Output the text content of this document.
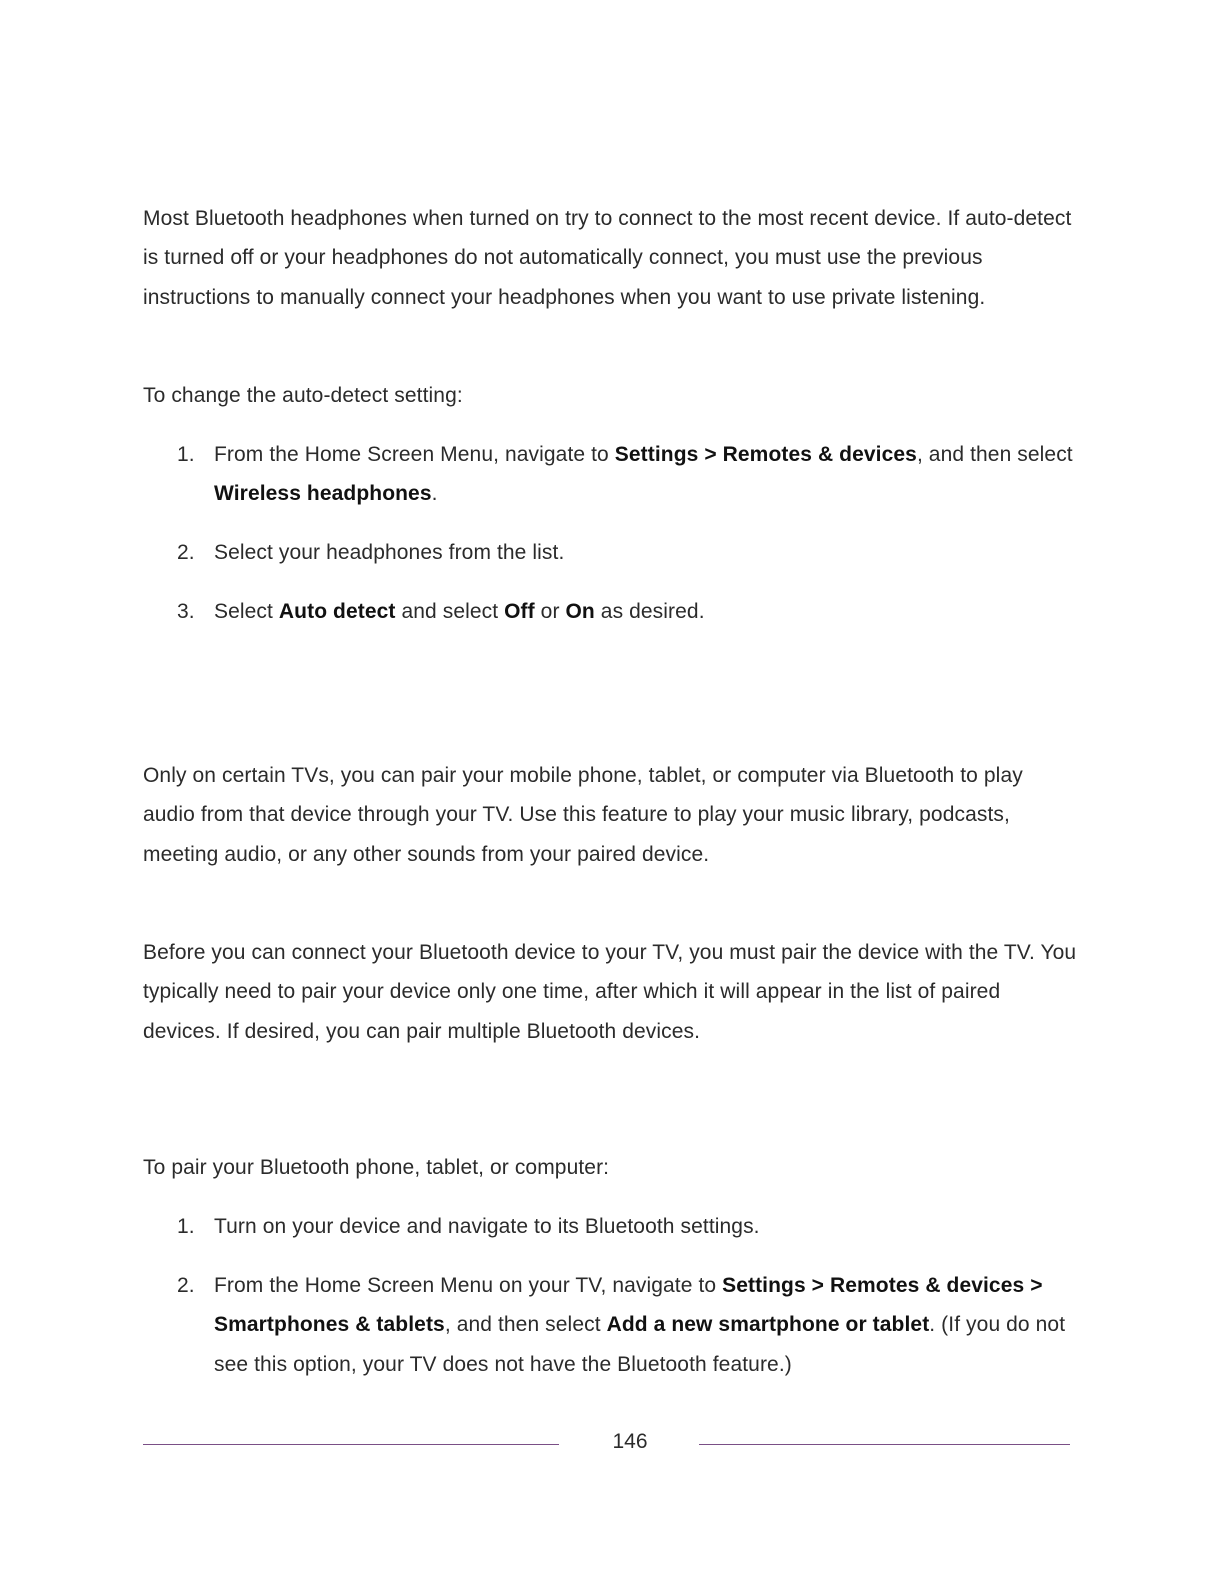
Most Bluetooth headphones when turned on try to connect to the most recent device. If auto-detect is turned off or your headphones do not automatically connect, you must use the previous instructions to manually connect your headphones when you want to use private listening.

To change the auto-detect setting:

1. From the Home Screen Menu, navigate to Settings > Remotes & devices, and then select Wireless headphones.
2. Select your headphones from the list.
3. Select Auto detect and select Off or On as desired.

Only on certain TVs, you can pair your mobile phone, tablet, or computer via Bluetooth to play audio from that device through your TV. Use this feature to play your music library, podcasts, meeting audio, or any other sounds from your paired device.

Before you can connect your Bluetooth device to your TV, you must pair the device with the TV. You typically need to pair your device only one time, after which it will appear in the list of paired devices. If desired, you can pair multiple Bluetooth devices.

To pair your Bluetooth phone, tablet, or computer:

1. Turn on your device and navigate to its Bluetooth settings.
2. From the Home Screen Menu on your TV, navigate to Settings > Remotes & devices > Smartphones & tablets, and then select Add a new smartphone or tablet. (If you do not see this option, your TV does not have the Bluetooth feature.)
146
